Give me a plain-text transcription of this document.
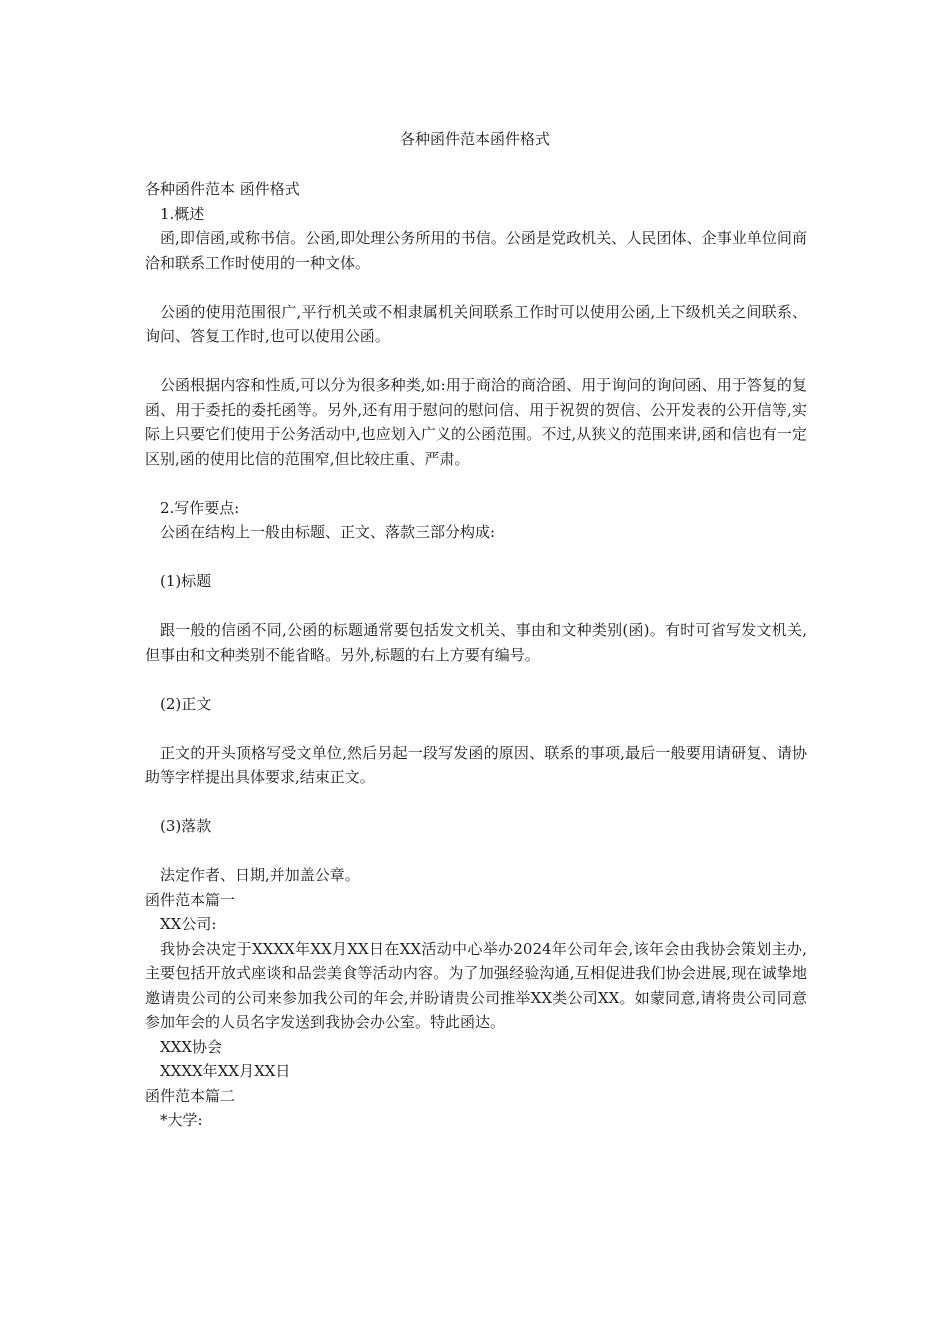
各种函件范本函件格式

各种函件范本 函件格式

1.概述

函,即信函,或称书信。公函,即处理公务所用的书信。公函是党政机关、人民团体、企事业单位间商洽和联系工作时使用的一种文体。

公函的使用范围很广,平行机关或不相隶属机关间联系工作时可以使用公函,上下级机关之间联系、询问、答复工作时,也可以使用公函。

公函根据内容和性质,可以分为很多种类,如:用于商洽的商洽函、用于询问的询问函、用于答复的复函、用于委托的委托函等。另外,还有用于慰问的慰问信、用于祝贺的贺信、公开发表的公开信等,实际上只要它们使用于公务活动中,也应划入广义的公函范围。不过,从狭义的范围来讲,函和信也有一定区别,函的使用比信的范围窄,但比较庄重、严肃。

2.写作要点:

公函在结构上一般由标题、正文、落款三部分构成:

(1)标题

跟一般的信函不同,公函的标题通常要包括发文机关、事由和文种类别(函)。有时可省写发文机关,但事由和文种类别不能省略。另外,标题的右上方要有编号。

(2)正文

正文的开头顶格写受文单位,然后另起一段写发函的原因、联系的事项,最后一般要用请研复、请协助等字样提出具体要求,结束正文。

(3)落款

法定作者、日期,并加盖公章。

函件范本篇一

XX公司:

我协会决定于XXXX年XX月XX日在XX活动中心举办2024年公司年会,该年会由我协会策划主办,主要包括开放式座谈和品尝美食等活动内容。为了加强经验沟通,互相促进我们协会进展,现在诚挚地邀请贵公司的公司来参加我公司的年会,并盼请贵公司推举XX类公司XX。如蒙同意,请将贵公司同意参加年会的人员名字发送到我协会办公室。特此函达。

XXX协会

XXXX年XX月XX日

函件范本篇二

*大学:
